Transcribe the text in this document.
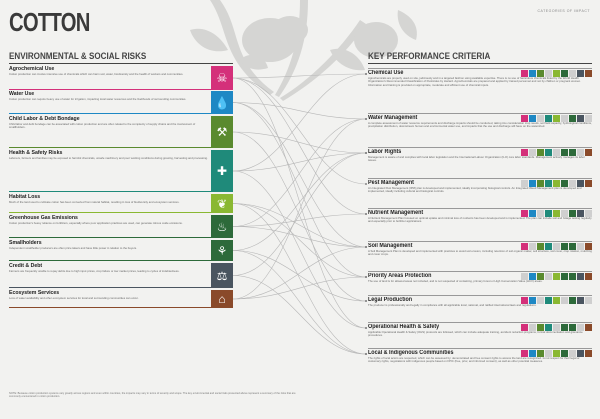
COTTON	CATEGORIES OF IMPACT
ENVIRONMENTAL & SOCIAL RISKS	KEY PERFORMANCE CRITERIA
Agrochemical Use
Cotton production can involve intensive use of chemicals which can harm soil, water, biodiversity and the health of workers and communities.	☠
Water Use
Cotton production can require heavy use of water for irrigation, impacting local water resources and the livelihoods of surrounding communities.	💧
Child Labor & Debt Bondage
Child labor and debt bondage can be associated with cotton production and are often related to the complexity of supply chains and the involvement of smallholders.	⚒
Health & Safety Risks
Laborers, farmers and families may be exposed to harmful chemicals, unsafe machinery and poor working conditions during growing, harvesting and processing.
✚
Habitat Loss
Much of the land used to cultivate cotton has been converted from natural habitat, resulting in loss of biodiversity and ecosystem services.	❦
Greenhouse Gas Emissions
Cotton production's heavy reliance on fertilizers, especially where poor application practices are used, can generate nitrous oxide emissions.	♨
Smallholders
Independent smallholder producers are often price takers and have little power in relation to the buyers.	⚘
Credit & Debt
Farmers are frequently unable to repay debts due to high input prices, crop failure or low market prices, leading to cycles of indebtedness.	⚖
Ecosystem Services
Loss of water availability and other ecosystem services for local and surrounding communities can occur.	⌂
Chemical Use
Agrochemicals are properly used on site, judiciously and in a targeted fashion using available expertise. There is no use of hazardous chemicals listed by the World Health Organization's Recommended Classification of Pesticides by Hazard. Agrochemicals are prepared and applied by trained personnel and not by children or pregnant women. Information and training is provided on appropriate, moderate and efficient use of chemical inputs.
Water Management
A complete assessment of water resource requirements and discharge impacts should be conducted, taking into consideration crop needs, soil field capacity, hydrological conditions, precipitation distribution, downstream human and environmental water use, and impacts that the use and discharge will have on the watershed.
Labor Rights
Management is aware of and complies with local labor legislation and the International Labour Organization (ILO) core labor standards. Management actively manages its labor issues.
Pest Management
An Integrated Pest Management (IPM) plan is developed and implemented, ideally incorporating biological controls. An Integrated Weed Management plan is developed and implemented, ideally including cultural and biological controls.
Nutrient Management
A Nutrient Management Plan focused on optimal uptake and minimal loss of nutrients has been developed and is implemented. The plan can include soil and foliage testing regularly and especially prior to fertilizer applications.
Soil Management
A Soil Management Plan is developed and implemented with practices to avoid soil erosion, including retention of soil organic matter, soil structure, soil cover, crop rotation, mulching and cover crops.
Priority Areas Protection
The use of land is for allowed areas not included, and is not suspected of containing, primary forest or High Conservation Value (HCV) areas.
Legal Production
The producer is professionally and legally in compliance with all applicable local, national, and ratified international laws and regulations.
Operational Health & Safety
Applicable Operational Health & Safety (OHS) protocols are followed, which can include adequate training, accident reduction programs, formal documentation and grievance procedures.
Local & Indigenous Communities
The rights of local actors are respected, which can be assessed by: demonstrated and free consent rights to access the land are recognized. Is not respect for their legal or customary rights, negotiations with indigenous people based on FPIC (free, prior, and informed consent), as well as other potential measures.
NOTE: Because cotton production systems vary greatly across regions and even within countries, the impacts may vary in terms of severity and scope. The key environmental and social risks presented above represent a summary of the risks that are commonly encountered in cotton production.
